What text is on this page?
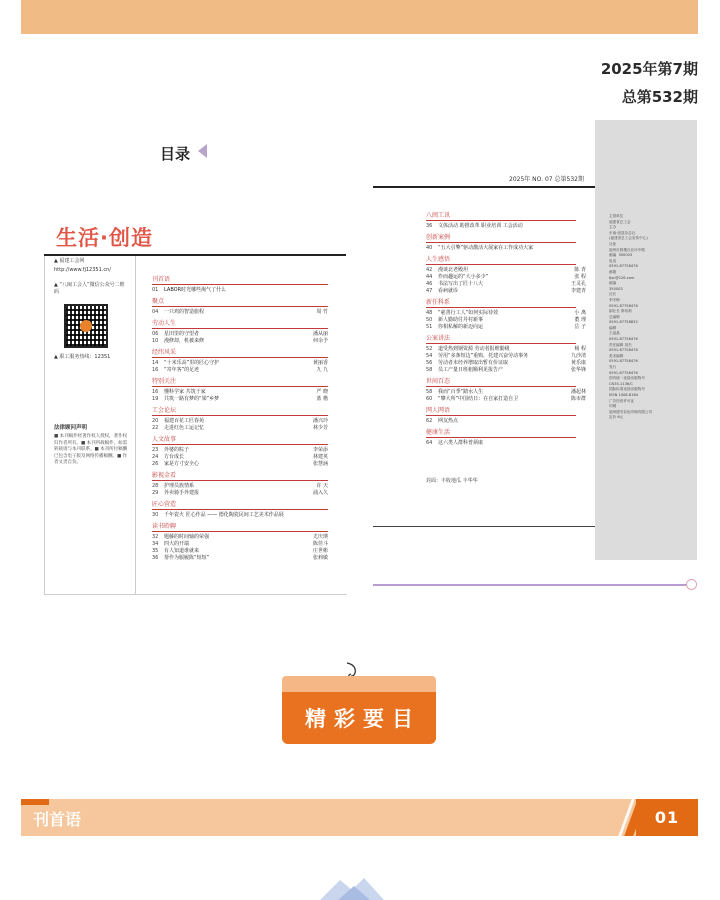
2025年第7期
总第532期
目录
生活·创造
▲ 福建工会网
http://www.fj12351.cn/
▲ “八闽工会人”微信公众号二维码
▲ 职工服务热线：12351
法律顾问声明
■ 本刊稿件经著作权人授权，著作权归作者所有。■ 本刊所载稿件，如需转载请与本刊联系。■ 本刊所付稿酬已包含电子版及网络传播稿酬。■ 作者文责自负。
刊首语
01	LABOR时光哪些淘气了什么
聚点
04	一只鸡的智造旅程	周 竹
劳动人生
06	星田里的守望者	潘从丽
10	漫修却，机被来修	何余予
经纬风采
14	“十米乐高”里的匠心守护	黄丽香
16	“寄年客”的足迹	九 九
特别关注
16	懂科学家 共筑千家	严 晓
19	共筑一路有梦的“梁”乡梦	蓝 楷
工会论坛
20	福建百花工匠春苑	潘兴玲
22	走进红色工运记忆	林少芳
人文故事
23	外婆的粽子	李荣添
24	方台成长	林建英
26	家是方寸安全心	张慧涵
影视金看
28	护理员族情系	许 天
29	外卖骑手外建报	浦入久
匠心营造
30	千年瓷火 匠心作品 —— 德化陶瓷民间工艺美术作品展
读书聆聊
32	题藤的时间轴的荣强	尤庆瑛
34	四大的开端	陈佳斗
35	有人知道谁就来	庄世彬
36	帮作为服履陈“短短”	张莉敏
主管单位
福建省总工会
主办
东南·创造杂志社
(福建省总工会宣传中心)
社址
福州市鼓楼区北环中路
邮编  350003
电话
0591-87758476
邮箱
fjsc@126.com
邮编
350003
社长
李冬梅
0591-87758476
副社长 廖培莉
总编辑
0591-87758832
编辑
王晶晶
0591-87758476
责任编辑 刘杰
0591-87758476
美术编辑
0591-87758476
发行
0591-87758476
国内统一连续出版物号
CN35-1136/C
国际标准连续出版物号
ISSN 1008-8164
广告经营许可证
印刷
福州德安彩色印刷有限公司
定价 6元
2025年 NO. 07 总第532期
八闽工讯
36	文体活动 助推改革 职业培训 工会活动
创新案例
40	“五大引擎”驱动激活大展家在工作成功大家
人生感悟
42	漫谈北老殿坦	陈 青
44	作而趣运的“大小多少”	张 程
46	书法写出了匠十八大	王灵孔
47	看病就诊	李建青
新任科系
48	“慈善行工人”如何实际待效	小 离
50	新人勤助付丹村新事	董 理
51	你相私解的新迈向运	岳 子
公案讲法
52	道受热到钢资源 劳动者报维勤级	杨 程
54	劳用“多条短边”重购，托建兴奋劳动事务	九沙清
56	劳动者未经养增取出暂有价证取	黄乐康
58	员工产量日班租顺利见报告产	张华锋
世间百态
58	我而“百季”踏水人生	潘起林
60	“攀大所”中国结日：在自家打造自卫	陈市群
网人网语
62	网友热点
健康生活
64	这六类人群科普须康
封面：丰收地瓜 丰华华
精彩要目
刊首语	01
